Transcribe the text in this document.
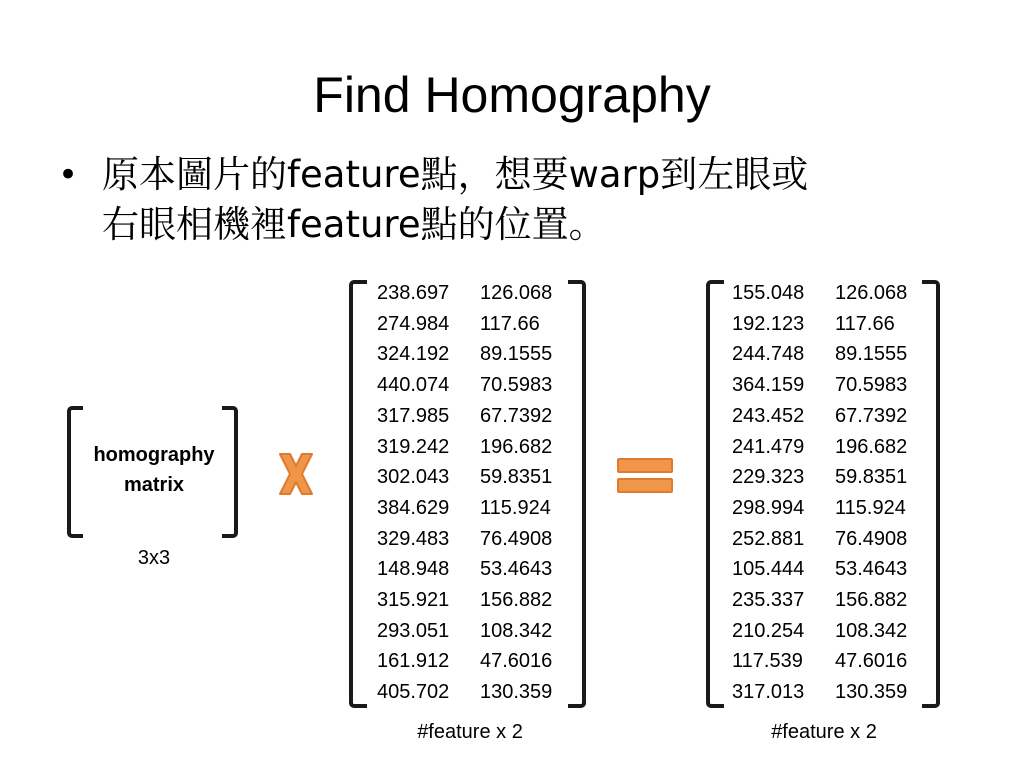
Find Homography
• 原本圖片的feature點，想要warp到左眼或
右眼相機裡feature點的位置。
homography
matrix
3x3
238.697
274.984
324.192
440.074
317.985
319.242
302.043
384.629
329.483
148.948
315.921
293.051
161.912
405.702
126.068
117.66
89.1555
70.5983
67.7392
196.682
59.8351
115.924
76.4908
53.4643
156.882
108.342
47.6016
130.359
#feature x 2
155.048
192.123
244.748
364.159
243.452
241.479
229.323
298.994
252.881
105.444
235.337
210.254
117.539
317.013
126.068
117.66
89.1555
70.5983
67.7392
196.682
59.8351
115.924
76.4908
53.4643
156.882
108.342
47.6016
130.359
#feature x 2
